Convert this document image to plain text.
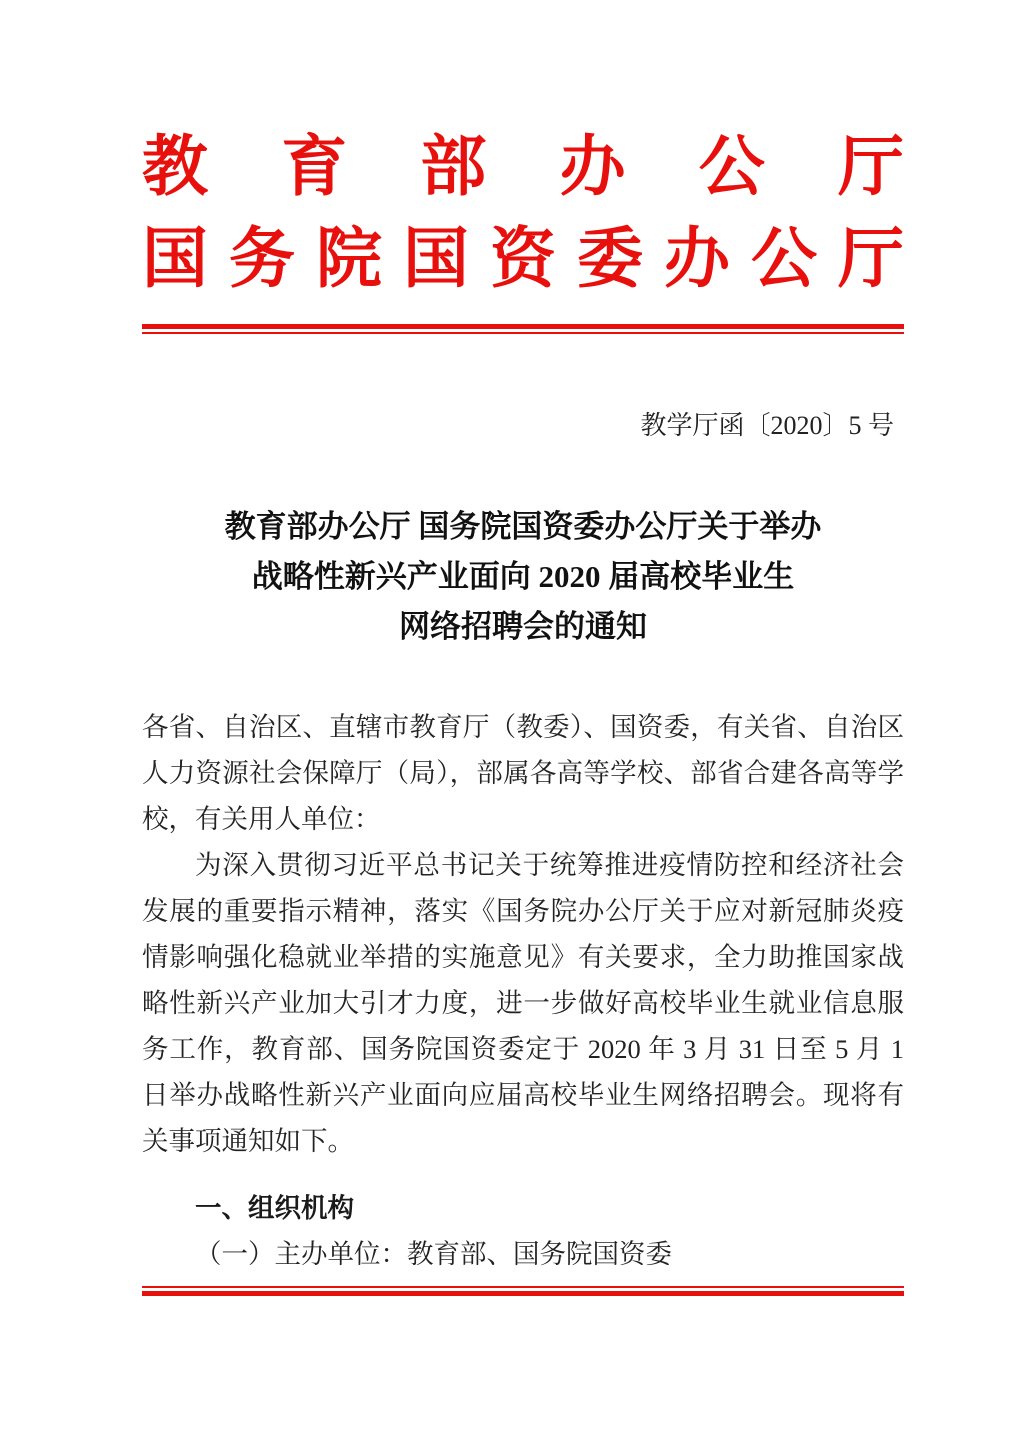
教 育 部 办 公 厅
国 务 院 国 资 委 办 公 厅
教学厅函〔2020〕5 号
教育部办公厅 国务院国资委办公厅关于举办
战略性新兴产业面向 2020 届高校毕业生
网络招聘会的通知

各省、自治区、直辖市教育厅（教委）、国资委，有关省、自治区人力资源社会保障厅（局），部属各高等学校、部省合建各高等学校，有关用人单位：

为深入贯彻习近平总书记关于统筹推进疫情防控和经济社会发展的重要指示精神，落实《国务院办公厅关于应对新冠肺炎疫情影响强化稳就业举措的实施意见》有关要求，全力助推国家战略性新兴产业加大引才力度，进一步做好高校毕业生就业信息服务工作，教育部、国务院国资委定于 2020 年 3 月 31 日至 5 月 1 日举办战略性新兴产业面向应届高校毕业生网络招聘会。现将有关事项通知如下。

一、组织机构
（一）主办单位：教育部、国务院国资委
